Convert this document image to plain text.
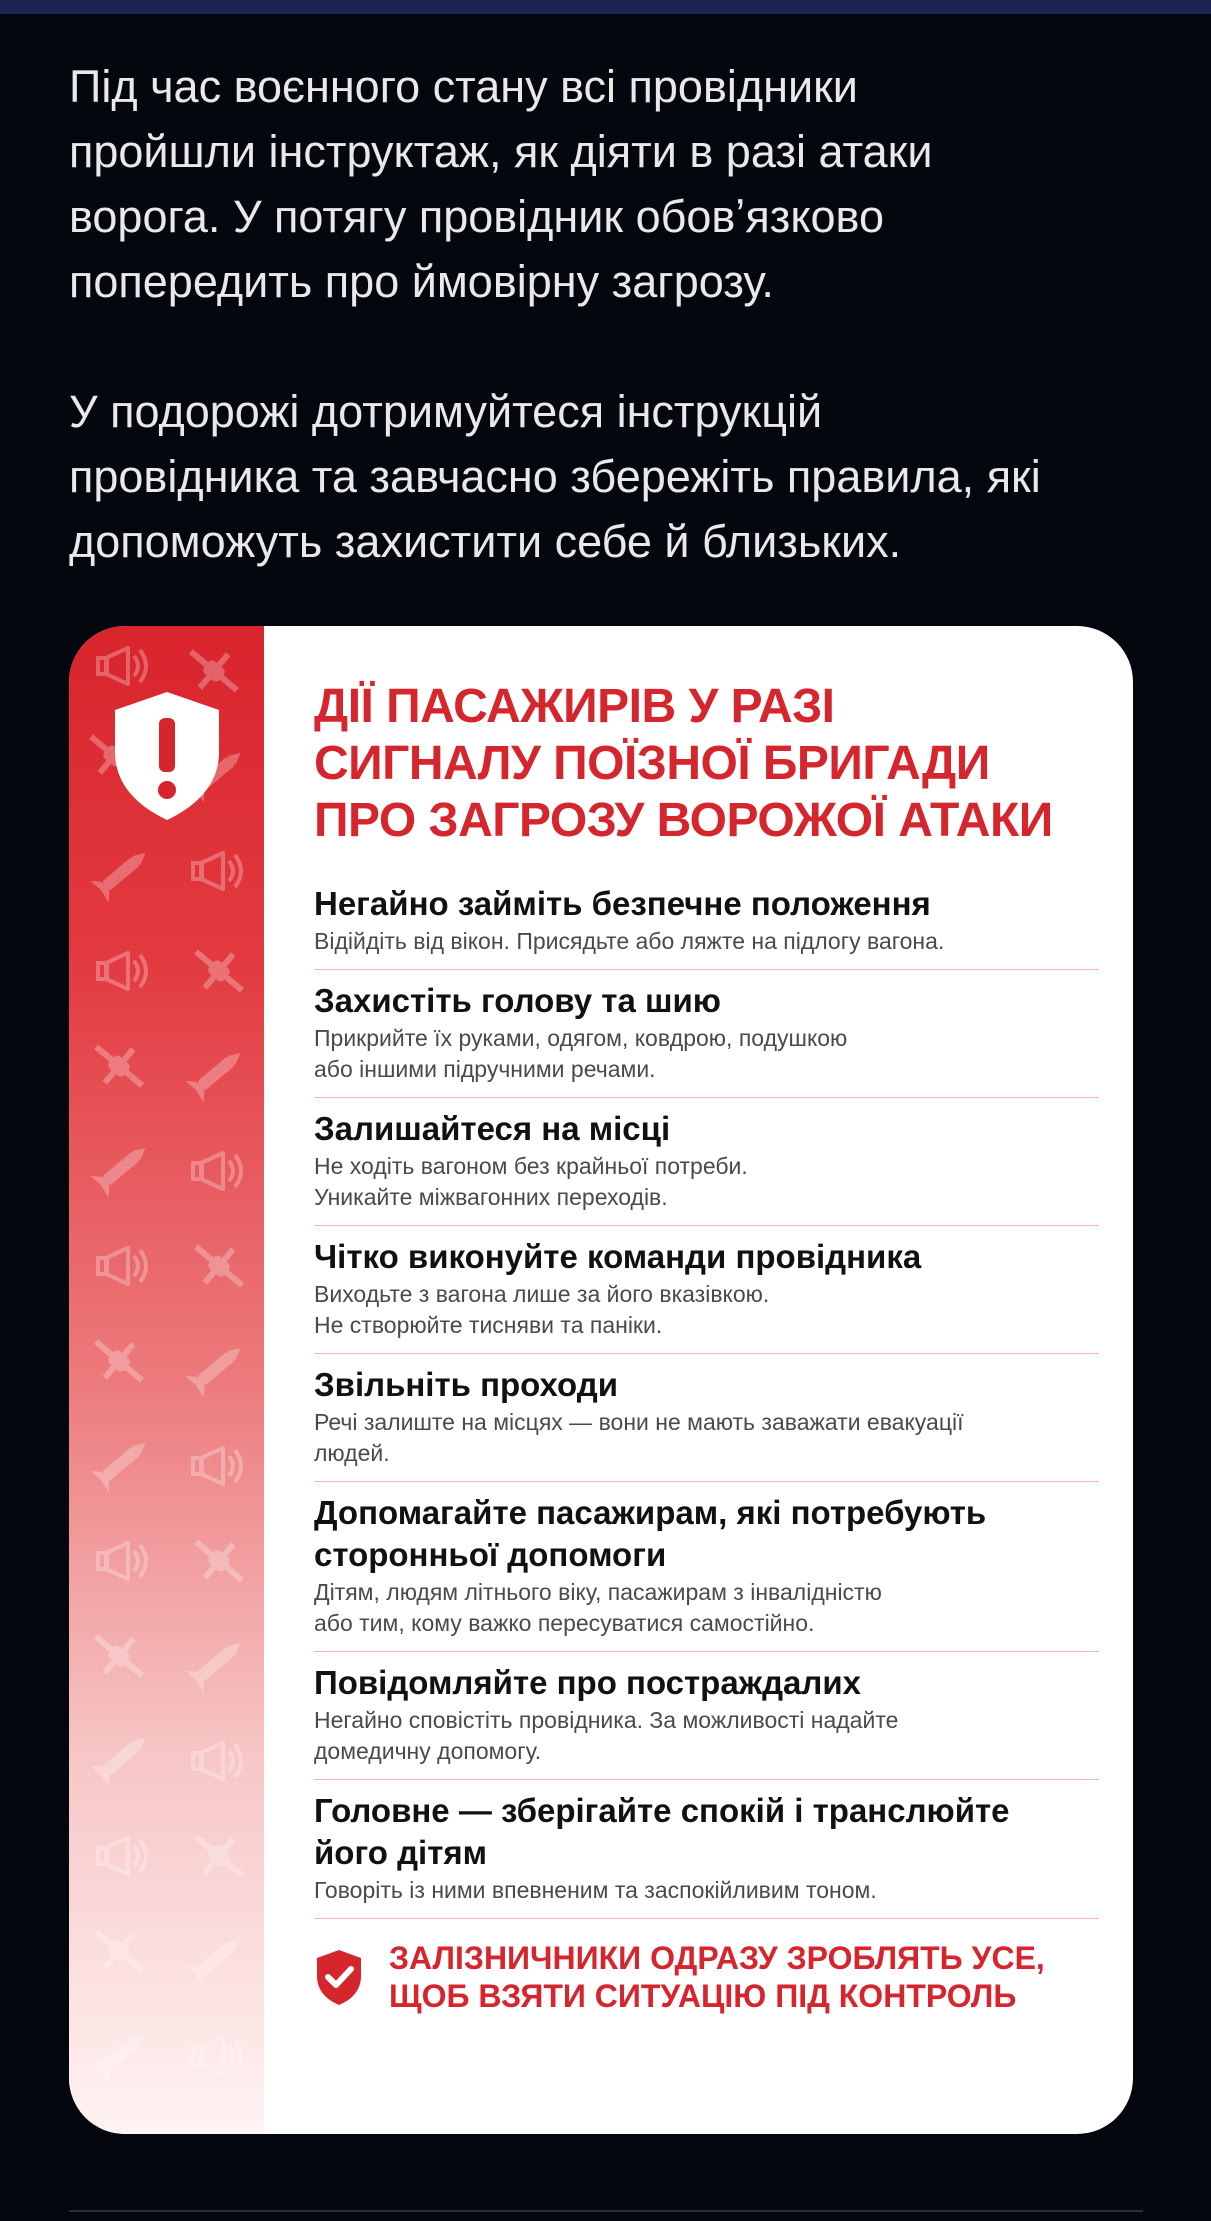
Під час воєнного стану всі провідники
пройшли інструктаж, як діяти в разі атаки
ворога. У потягу провідник обовʼязково
попередить про ймовірну загрозу.

У подорожі дотримуйтеся інструкцій
провідника та завчасно збережіть правила, які
допоможуть захистити себе й близьких.

ДІЇ ПАСАЖИРІВ У РАЗІ
СИГНАЛУ ПОЇЗНОЇ БРИГАДИ
ПРО ЗАГРОЗУ ВОРОЖОЇ АТАКИ
Негайно займіть безпечне положення
Відійдіть від вікон. Присядьте або ляжте на підлогу вагона.
Захистіть голову та шию
Прикрийте їх руками, одягом, ковдрою, подушкою
або іншими підручними речами.
Залишайтеся на місці
Не ходіть вагоном без крайньої потреби.
Уникайте міжвагонних переходів.
Чітко виконуйте команди провідника
Виходьте з вагона лише за його вказівкою.
Не створюйте тисняви та паніки.
Звільніть проходи
Речі залиште на місцях — вони не мають заважати евакуації
людей.
Допомагайте пасажирам, які потребують
сторонньої допомоги
Дітям, людям літнього віку, пасажирам з інвалідністю
або тим, кому важко пересуватися самостійно.
Повідомляйте про постраждалих
Негайно сповістіть провідника. За можливості надайте
домедичну допомогу.
Головне — зберігайте спокій і транслюйте
його дітям
Говоріть із ними впевненим та заспокійливим тоном.
ЗАЛІЗНИЧНИКИ ОДРАЗУ ЗРОБЛЯТЬ УСЕ,
ЩОБ ВЗЯТИ СИТУАЦІЮ ПІД КОНТРОЛЬ
